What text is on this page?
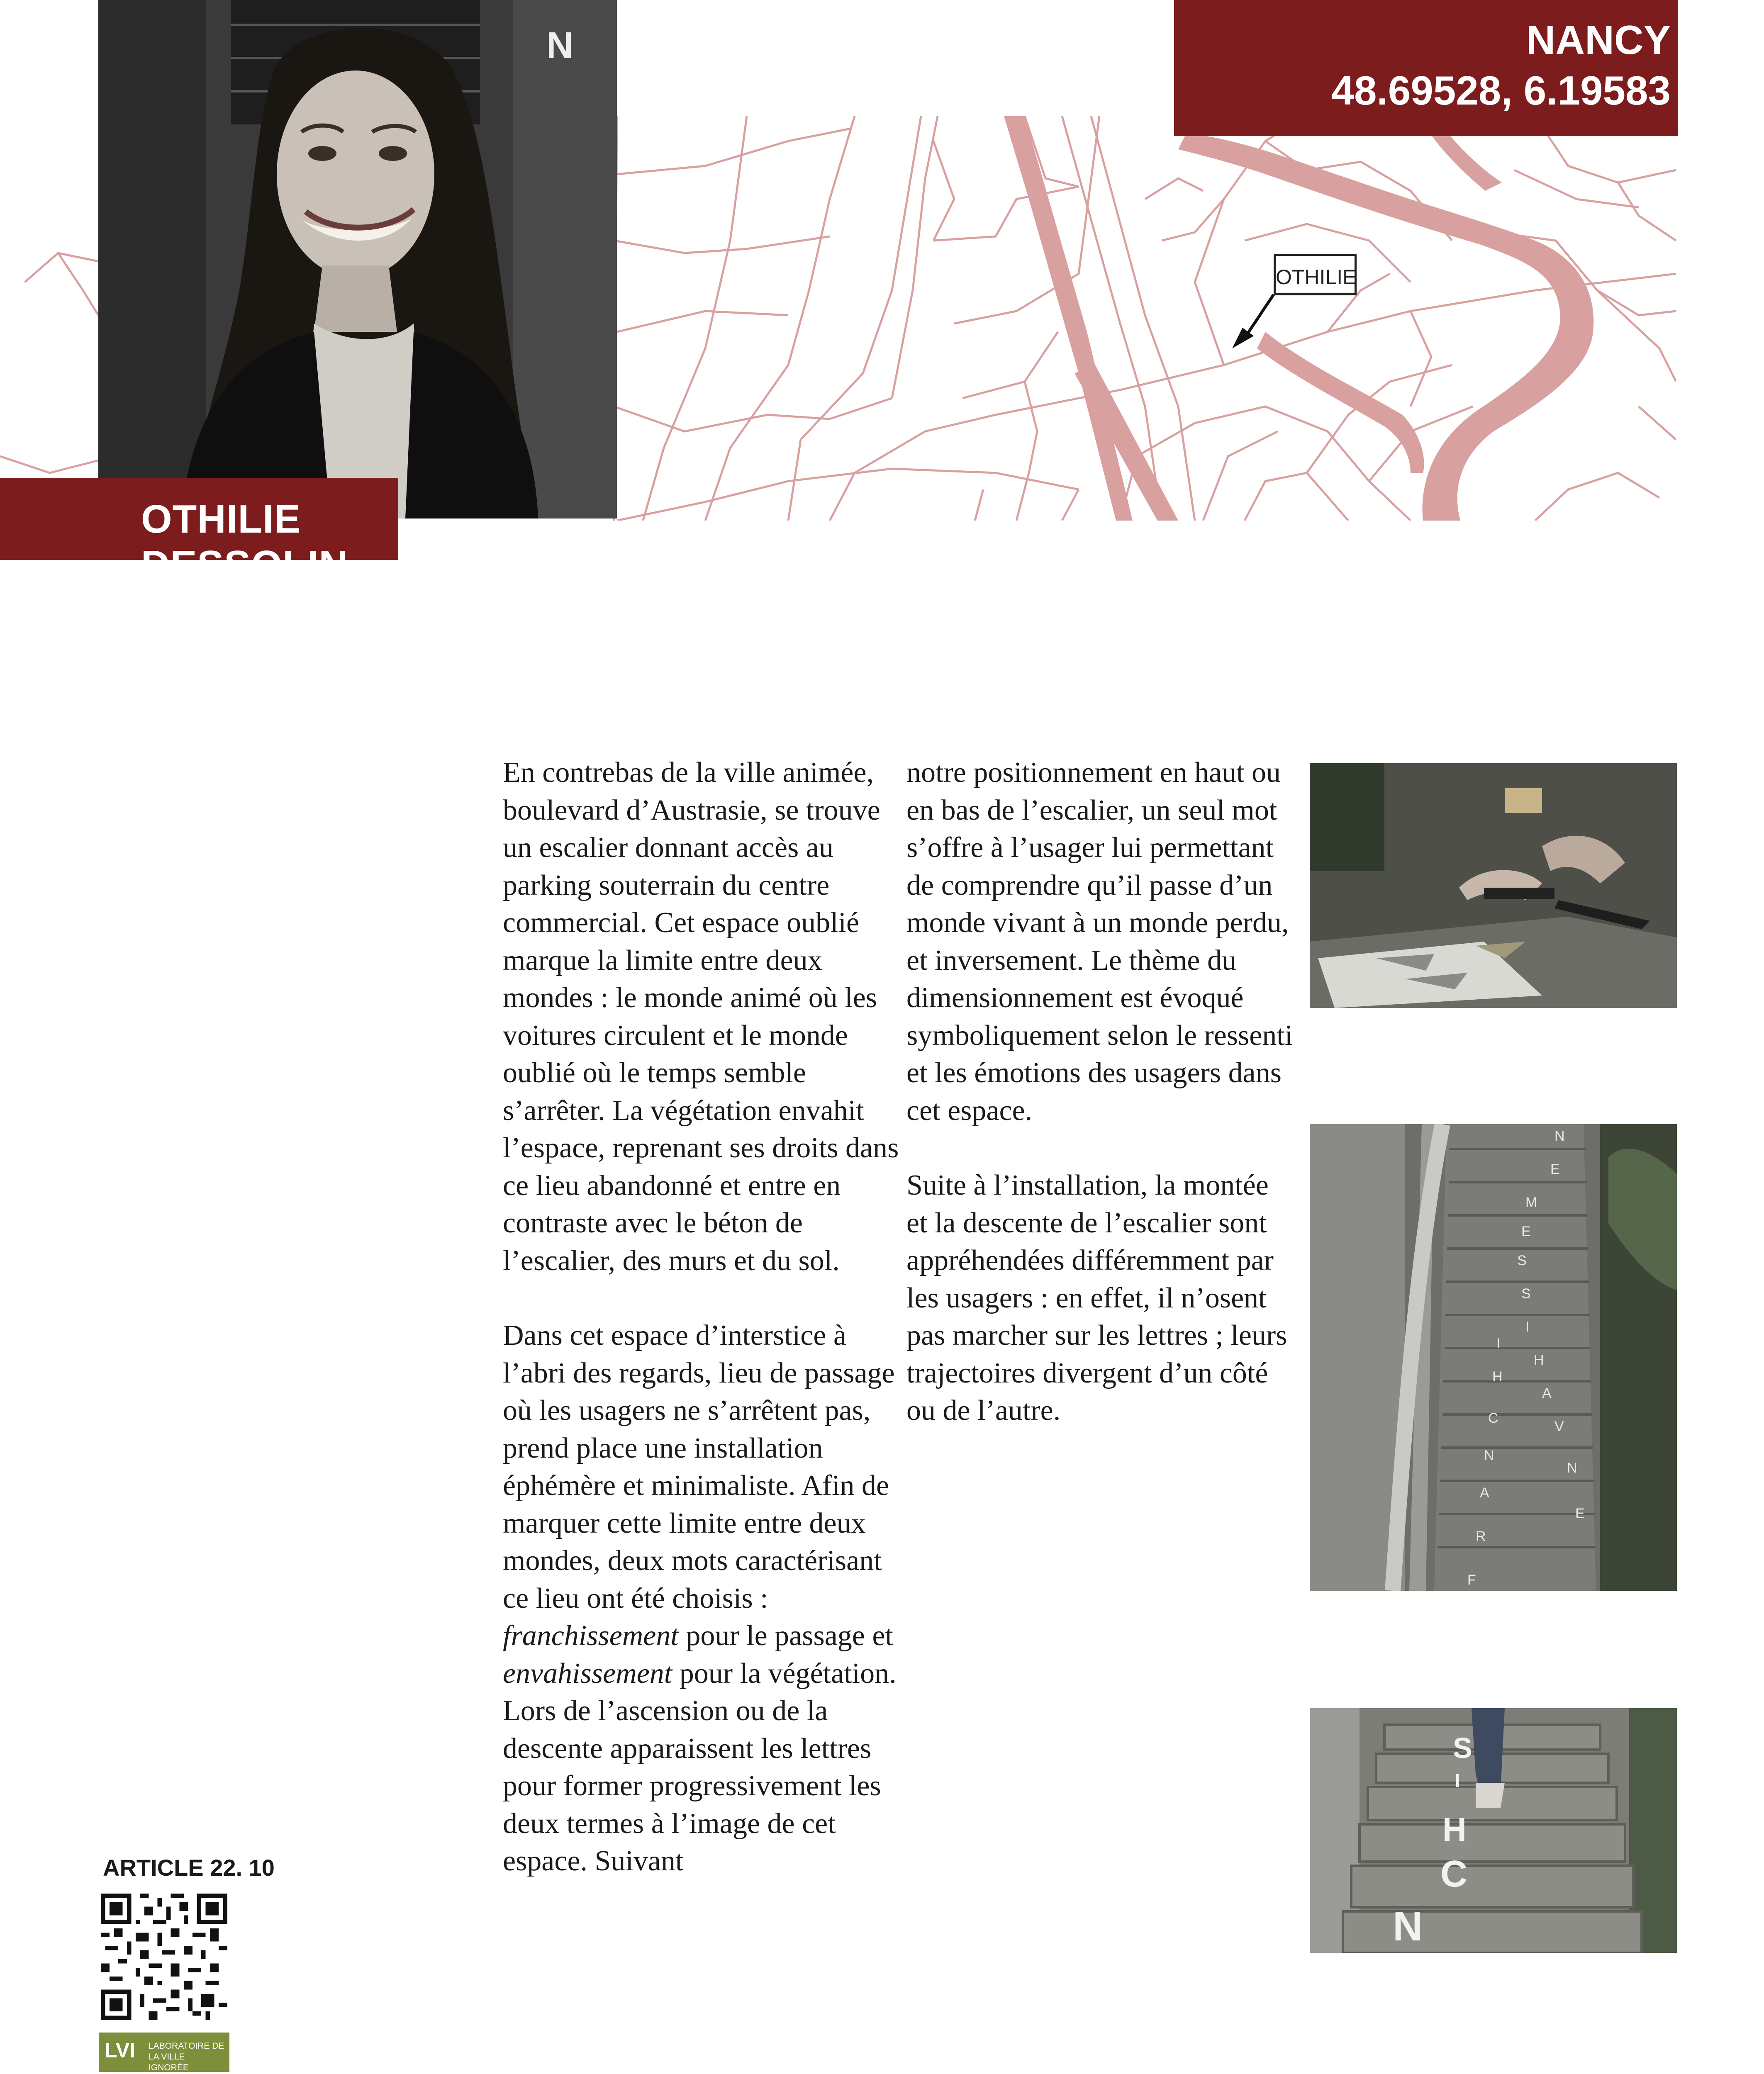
OTHILIE
N
OTHILIE DESSOLIN
NANCY
48.69528, 6.19583

En contrebas de la ville animée, boulevard d’Austrasie, se trouve un escalier donnant accès au parking souterrain du centre commercial. Cet espace oublié marque la limite entre deux mondes : le monde animé où les voitures circulent et le monde oublié où le temps semble s’arrêter. La végétation envahit l’espace, reprenant ses droits dans ce lieu abandonné et entre en contraste avec le béton de l’escalier, des murs et du sol.

Dans cet espace d’interstice à l’abri des regards, lieu de passage où les usagers ne s’arrêtent pas, prend place une installation éphémère et minimaliste. Afin de marquer cette limite entre deux mondes, deux mots caractérisant ce lieu ont été choisis : franchissement pour le passage et envahissement pour la végétation. Lors de l’ascension ou de la descente apparaissent les lettres pour former progressivement les deux termes à l’image de cet espace. Suivant

notre positionnement en haut ou en bas de l’escalier, un seul mot s’offre à l’usager lui permettant de comprendre qu’il passe d’un monde vivant à un monde perdu, et inversement. Le thème du dimensionnement est évoqué symboliquement selon le ressenti et les émotions des usagers dans cet espace.

Suite à l’installation, la montée et la descente de l’escalier sont appréhendées différemment par les usagers : en effet, il n’osent pas marcher sur les lettres ; leurs trajectoires divergent d’un côté ou de l’autre.

N
E
M
E
S
S
I
H
A
V
N
E
F
R
A
N
C
H
I
S
I
H
C
N
ARTICLE 22. 10
LVI LABORATOIRE DE LA VILLE IGNORÉE
